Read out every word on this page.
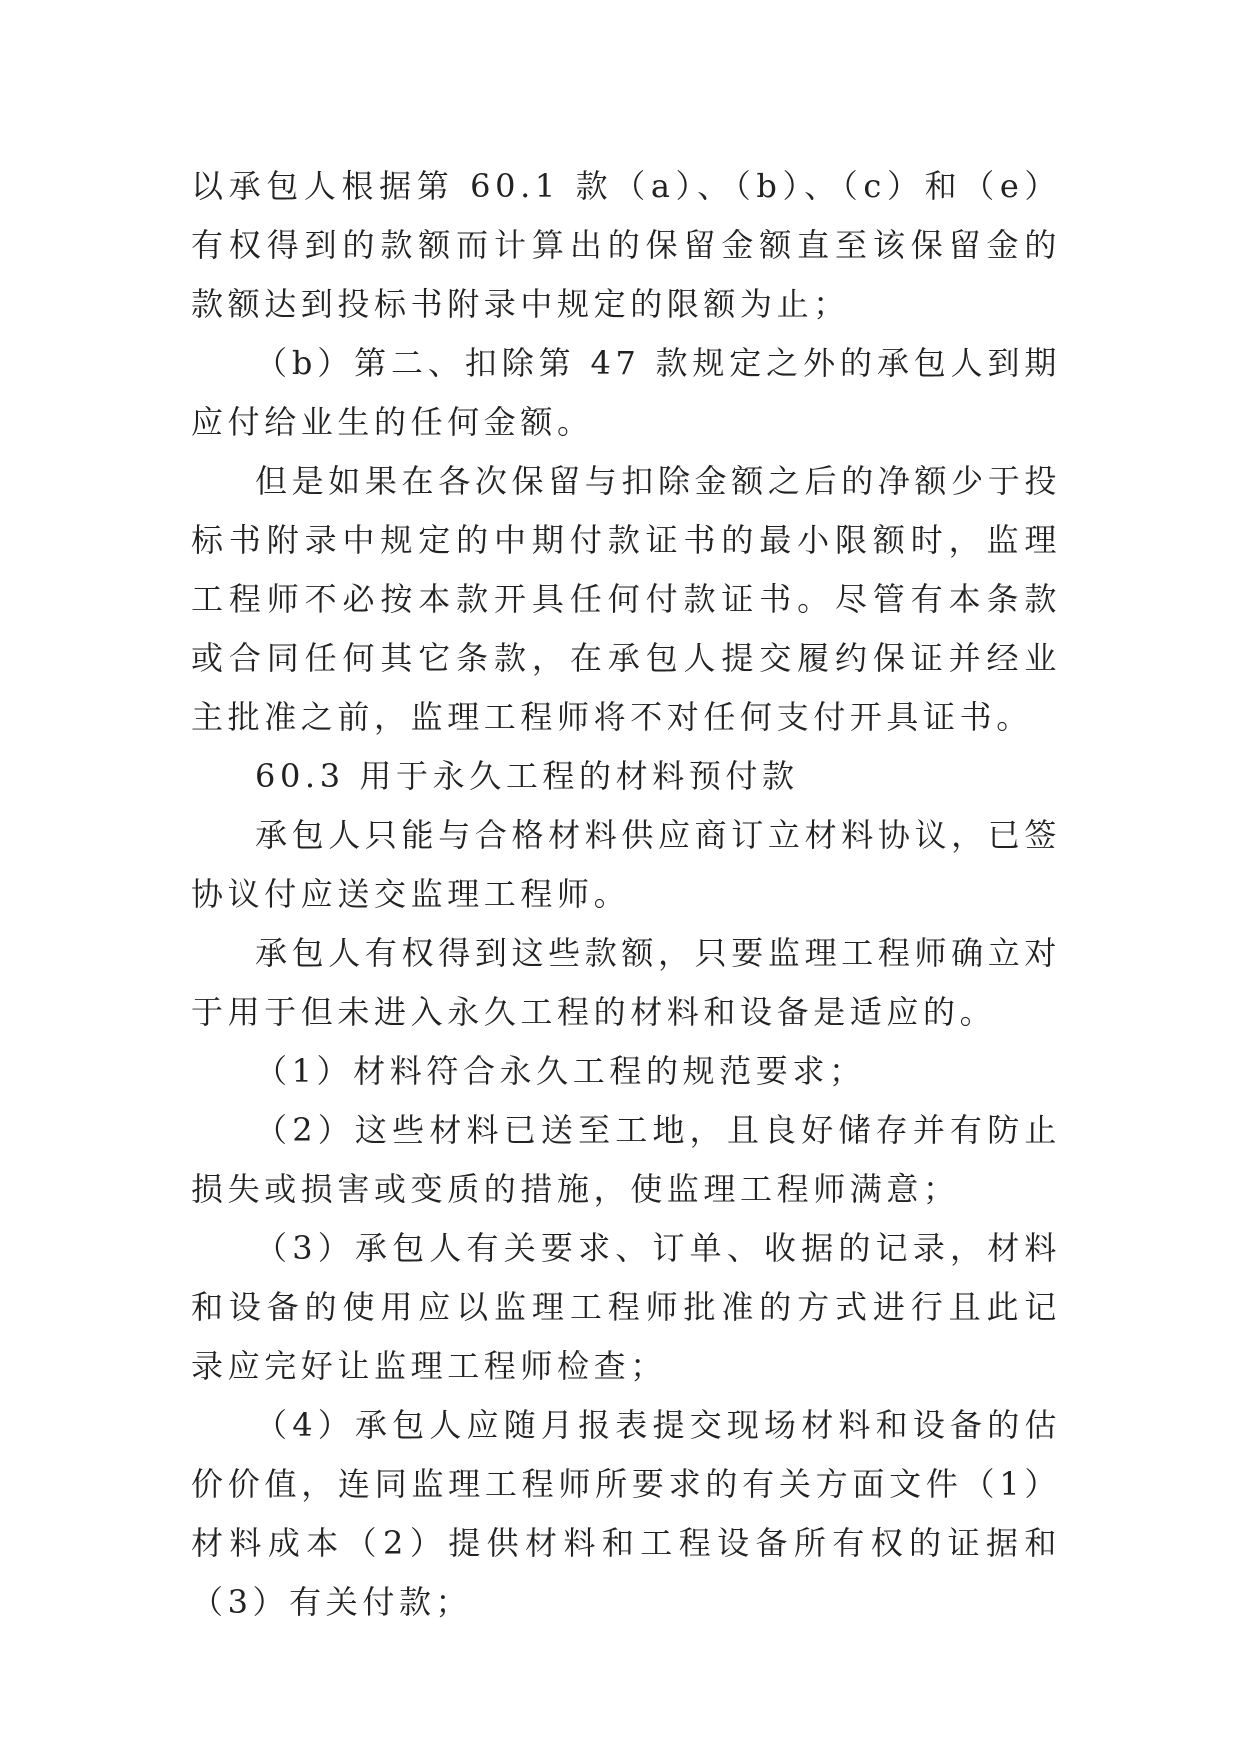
以承包人根据第 60.1 款（a）、（b）、（c）和（e）有权得到的款额而计算出的保留金额直至该保留金的款额达到投标书附录中规定的限额为止；

（b）第二、扣除第 47 款规定之外的承包人到期应付给业生的任何金额。

但是如果在各次保留与扣除金额之后的净额少于投标书附录中规定的中期付款证书的最小限额时，监理工程师不必按本款开具任何付款证书。尽管有本条款或合同任何其它条款，在承包人提交履约保证并经业主批准之前，监理工程师将不对任何支付开具证书。

60.3 用于永久工程的材料预付款

承包人只能与合格材料供应商订立材料协议，已签协议付应送交监理工程师。

承包人有权得到这些款额，只要监理工程师确立对于用于但未进入永久工程的材料和设备是适应的。

（1）材料符合永久工程的规范要求；

（2）这些材料已送至工地，且良好储存并有防止损失或损害或变质的措施，使监理工程师满意；

（3）承包人有关要求、订单、收据的记录，材料和设备的使用应以监理工程师批准的方式进行且此记录应完好让监理工程师检查；

（4）承包人应随月报表提交现场材料和设备的估价价值，连同监理工程师所要求的有关方面文件（1）材料成本（2）提供材料和工程设备所有权的证据和（3）有关付款；
